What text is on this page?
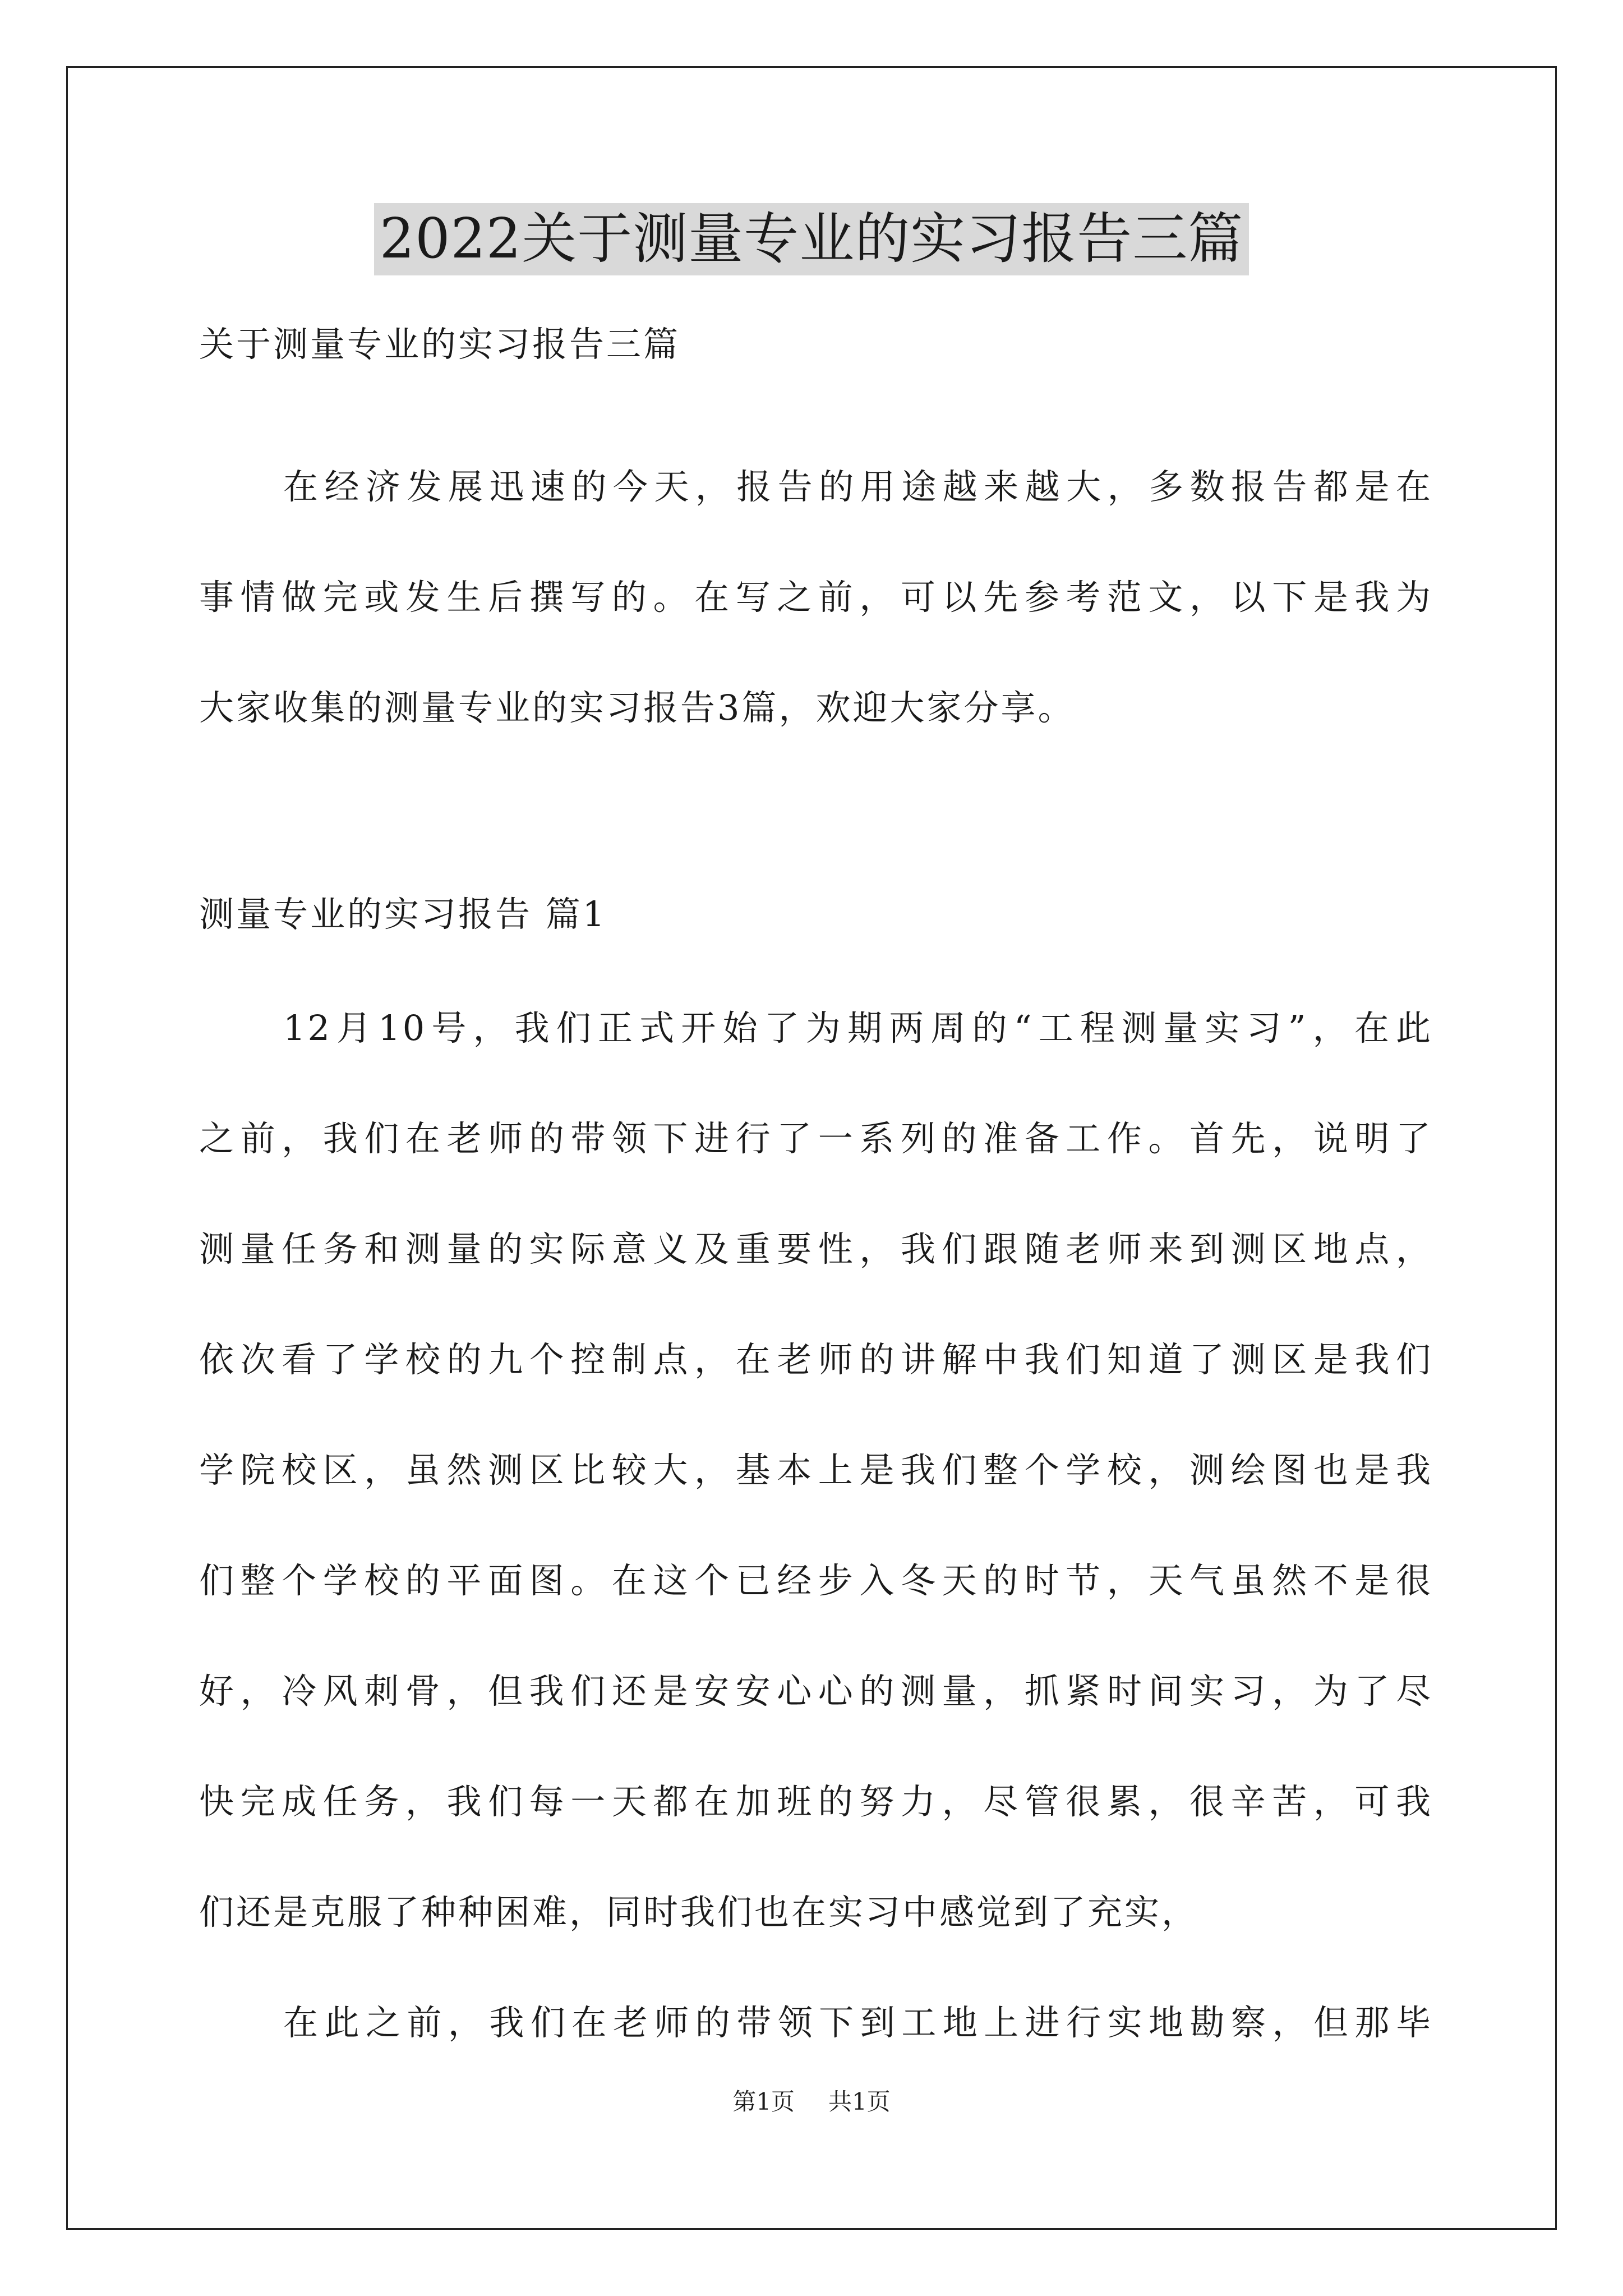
2022关于测量专业的实习报告三篇
关于测量专业的实习报告三篇
在经济发展迅速的今天，报告的用途越来越大，多数报告都是在
事情做完或发生后撰写的。在写之前，可以先参考范文，以下是我为
大家收集的测量专业的实习报告3篇，欢迎大家分享。
测量专业的实习报告 篇1
12月10号，我们正式开始了为期两周的“工程测量实习”，在此
之前，我们在老师的带领下进行了一系列的准备工作。首先，说明了
测量任务和测量的实际意义及重要性，我们跟随老师来到测区地点，
依次看了学校的九个控制点，在老师的讲解中我们知道了测区是我们
学院校区，虽然测区比较大，基本上是我们整个学校，测绘图也是我
们整个学校的平面图。在这个已经步入冬天的时节，天气虽然不是很
好，冷风刺骨，但我们还是安安心心的测量，抓紧时间实习，为了尽
快完成任务，我们每一天都在加班的努力，尽管很累，很辛苦，可我
们还是克服了种种困难，同时我们也在实习中感觉到了充实，
在此之前，我们在老师的带领下到工地上进行实地勘察，但那毕
第1页 共1页
